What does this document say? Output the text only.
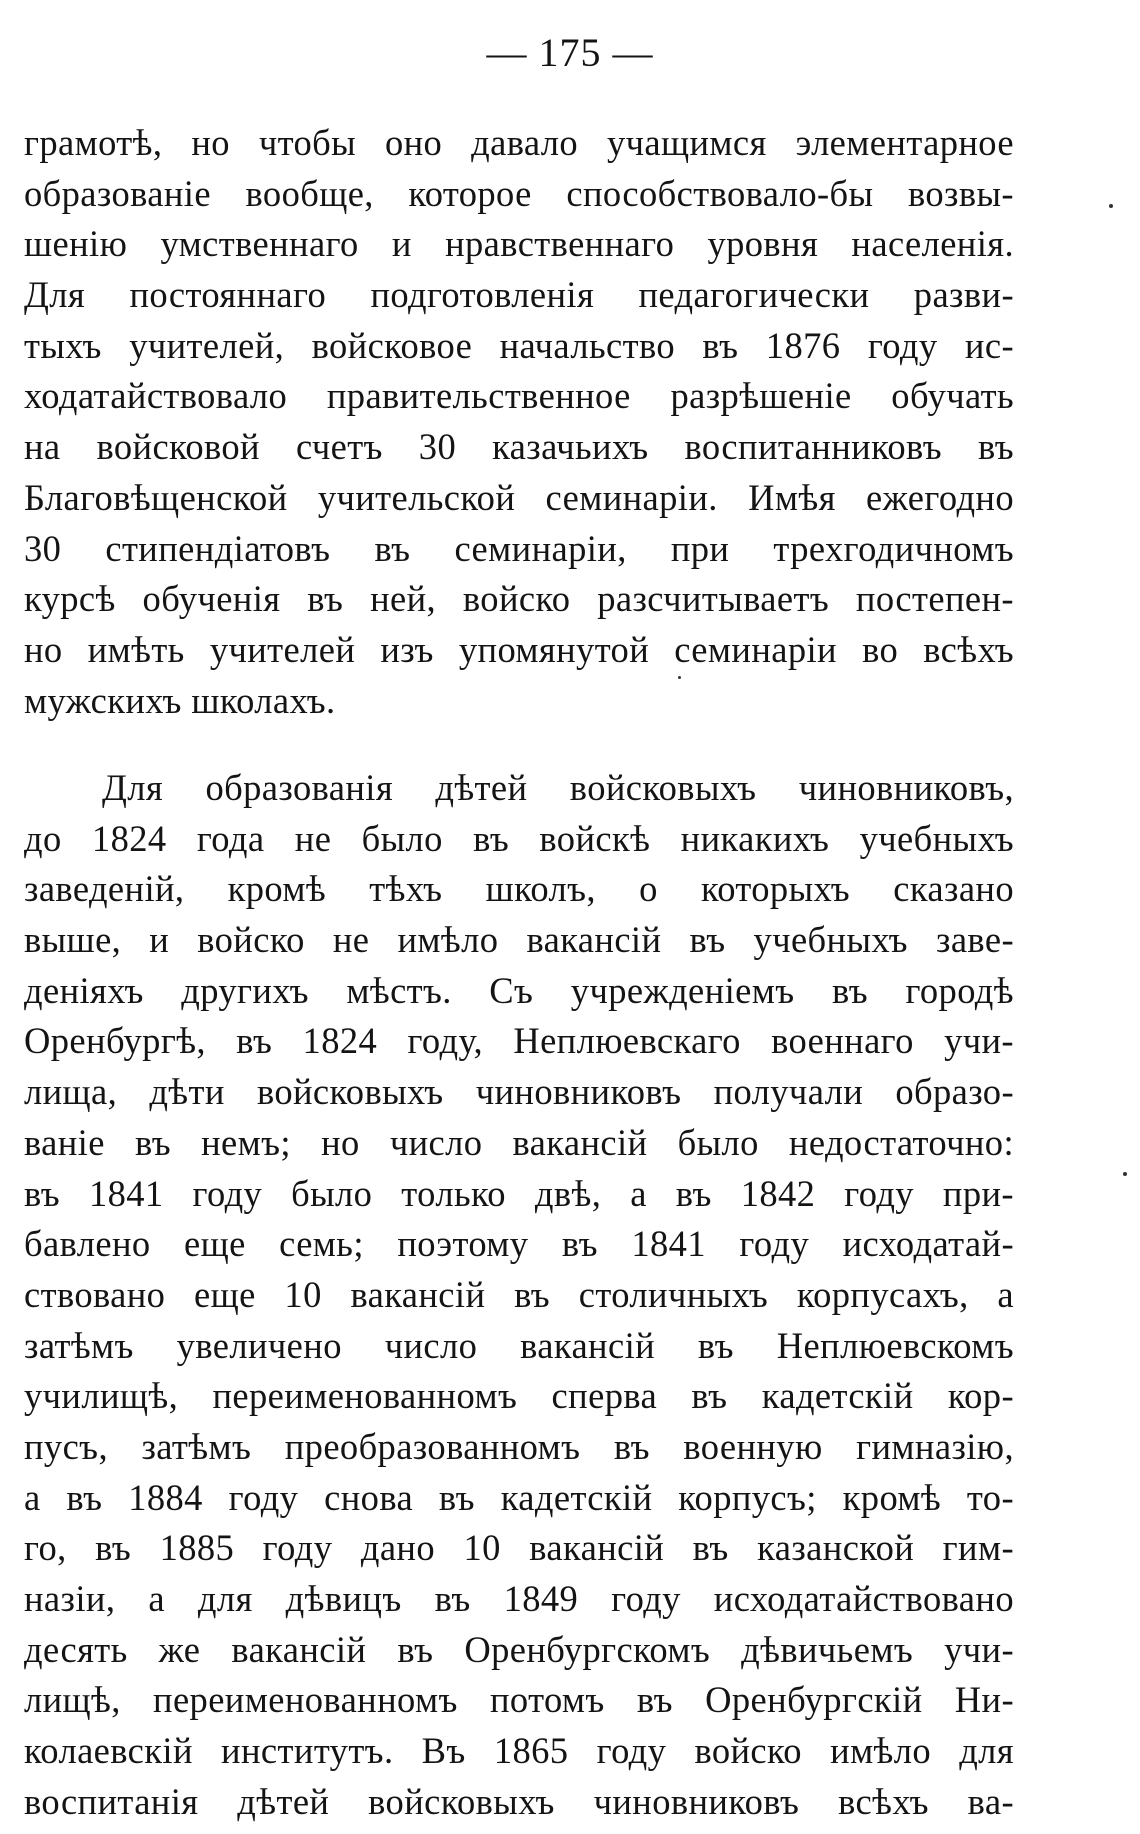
— 175 —
грамотѣ, но чтобы оно давало учащимся элементарное
образованіе вообще, которое способствовало-бы возвы-
шенію умственнаго и нравственнаго уровня населенія.
Для постояннаго подготовленія педагогически разви-
тыхъ учителей, войсковое начальство въ 1876 году ис-
ходатайствовало правительственное разрѣшеніе обучать
на войсковой счетъ 30 казачьихъ воспитанниковъ въ
Благовѣщенской учительской семинаріи. Имѣя ежегодно
30 стипендіатовъ въ семинаріи, при трехгодичномъ
курсѣ обученія въ ней, войско разсчитываетъ постепен-
но имѣть учителей изъ упомянутой семинаріи во всѣхъ
мужскихъ школахъ.
Для образованія дѣтей войсковыхъ чиновниковъ,
до 1824 года не было въ войскѣ никакихъ учебныхъ
заведеній, кромѣ тѣхъ школъ, о которыхъ сказано
выше, и войско не имѣло вакансій въ учебныхъ заве-
деніяхъ другихъ мѣстъ. Съ учрежденіемъ въ городѣ
Оренбургѣ, въ 1824 году, Неплюевскаго военнаго учи-
лища, дѣти войсковыхъ чиновниковъ получали образо-
ваніе въ немъ; но число вакансій было недостаточно:
въ 1841 году было только двѣ, а въ 1842 году при-
бавлено еще семь; поэтому въ 1841 году исходатай-
ствовано еще 10 вакансій въ столичныхъ корпусахъ, а
затѣмъ увеличено число вакансій въ Неплюевскомъ
училищѣ, переименованномъ сперва въ кадетскій кор-
пусъ, затѣмъ преобразованномъ въ военную гимназію,
а въ 1884 году снова въ кадетскій корпусъ; кромѣ то-
го, въ 1885 году дано 10 вакансій въ казанской гим-
назіи, а для дѣвицъ въ 1849 году исходатайствовано
десять же вакансій въ Оренбургскомъ дѣвичьемъ учи-
лищѣ, переименованномъ потомъ въ Оренбургскій Ни-
колаевскій институтъ. Въ 1865 году войско имѣло для
воспитанія дѣтей войсковыхъ чиновниковъ всѣхъ ва-
